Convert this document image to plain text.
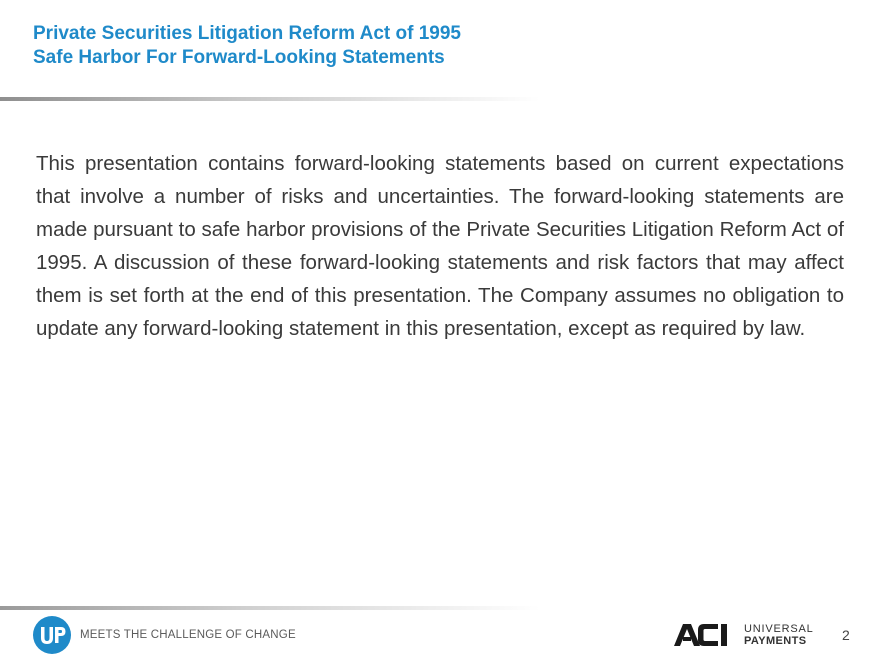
Private Securities Litigation Reform Act of 1995
Safe Harbor For Forward-Looking Statements

This presentation contains forward-looking statements based on current expectations that involve a number of risks and uncertainties. The forward-looking statements are made pursuant to safe harbor provisions of the Private Securities Litigation Reform Act of 1995. A discussion of these forward-looking statements and risk factors that may affect them is set forth at the end of this presentation. The Company assumes no obligation to update any forward-looking statement in this presentation, except as required by law.

UP
MEETS THE CHALLENGE OF CHANGE
ACI
UNIVERSAL
PAYMENTS	2
